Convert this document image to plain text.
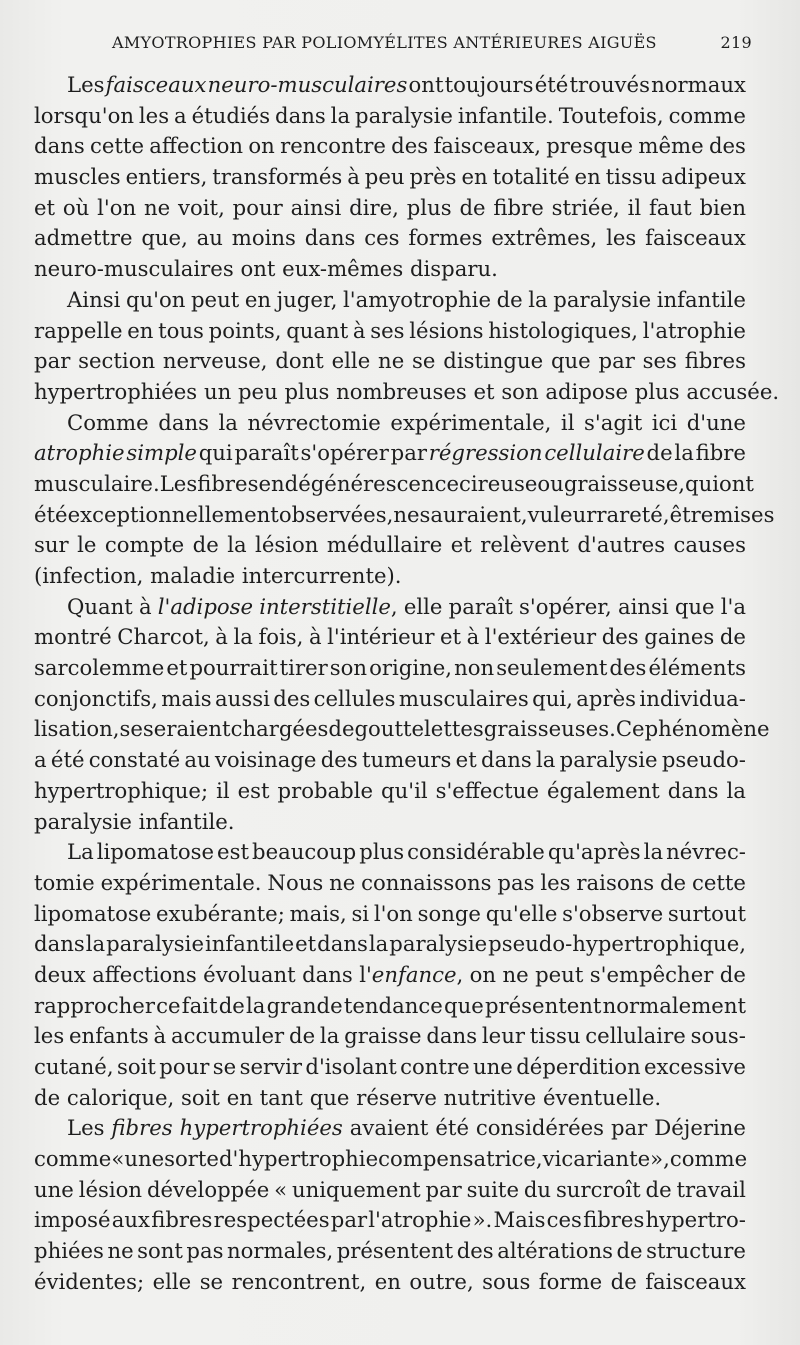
AMYOTROPHIES PAR POLIOMYÉLITES ANTÉRIEURES AIGUËS	219
Les faisceaux neuro-musculaires ont toujours été trouvés normaux
lorsqu'on les a étudiés dans la paralysie infantile. Toutefois, comme
dans cette affection on rencontre des faisceaux, presque même des
muscles entiers, transformés à peu près en totalité en tissu adipeux
et où l'on ne voit, pour ainsi dire, plus de fibre striée, il faut bien
admettre que, au moins dans ces formes extrêmes, les faisceaux
neuro-musculaires ont eux-mêmes disparu.
Ainsi qu'on peut en juger, l'amyotrophie de la paralysie infantile
rappelle en tous points, quant à ses lésions histologiques, l'atrophie
par section nerveuse, dont elle ne se distingue que par ses fibres
hypertrophiées un peu plus nombreuses et son adipose plus accusée.
Comme dans la névrectomie expérimentale, il s'agit ici d'une
atrophie simple qui paraît s'opérer par régression cellulaire de la fibre
musculaire. Les fibres en dégénérescence cireuse ou graisseuse, qui ont
été exceptionnellement observées, ne sauraient, vu leur rareté, être mises
sur le compte de la lésion médullaire et relèvent d'autres causes
(infection, maladie intercurrente).
Quant à l'adipose interstitielle, elle paraît s'opérer, ainsi que l'a
montré Charcot, à la fois, à l'intérieur et à l'extérieur des gaines de
sarcolemme et pourrait tirer son origine, non seulement des éléments
conjonctifs, mais aussi des cellules musculaires qui, après individua-
lisation, se seraient chargées de gouttelettes graisseuses. Ce phénomène
a été constaté au voisinage des tumeurs et dans la paralysie pseudo-
hypertrophique; il est probable qu'il s'effectue également dans la
paralysie infantile.
La lipomatose est beaucoup plus considérable qu'après la névrec-
tomie expérimentale. Nous ne connaissons pas les raisons de cette
lipomatose exubérante; mais, si l'on songe qu'elle s'observe surtout
dans la paralysie infantile et dans la paralysie pseudo-hypertrophique,
deux affections évoluant dans l'enfance, on ne peut s'empêcher de
rapprocher ce fait de la grande tendance que présentent normalement
les enfants à accumuler de la graisse dans leur tissu cellulaire sous-
cutané, soit pour se servir d'isolant contre une déperdition excessive
de calorique, soit en tant que réserve nutritive éventuelle.
Les fibres hypertrophiées avaient été considérées par Déjerine
comme « une sorte d'hypertrophie compensatrice, vicariante », comme
une lésion développée « uniquement par suite du surcroît de travail
imposé aux fibres respectées par l'atrophie ». Mais ces fibres hypertro-
phiées ne sont pas normales, présentent des altérations de structure
évidentes; elle se rencontrent, en outre, sous forme de faisceaux
